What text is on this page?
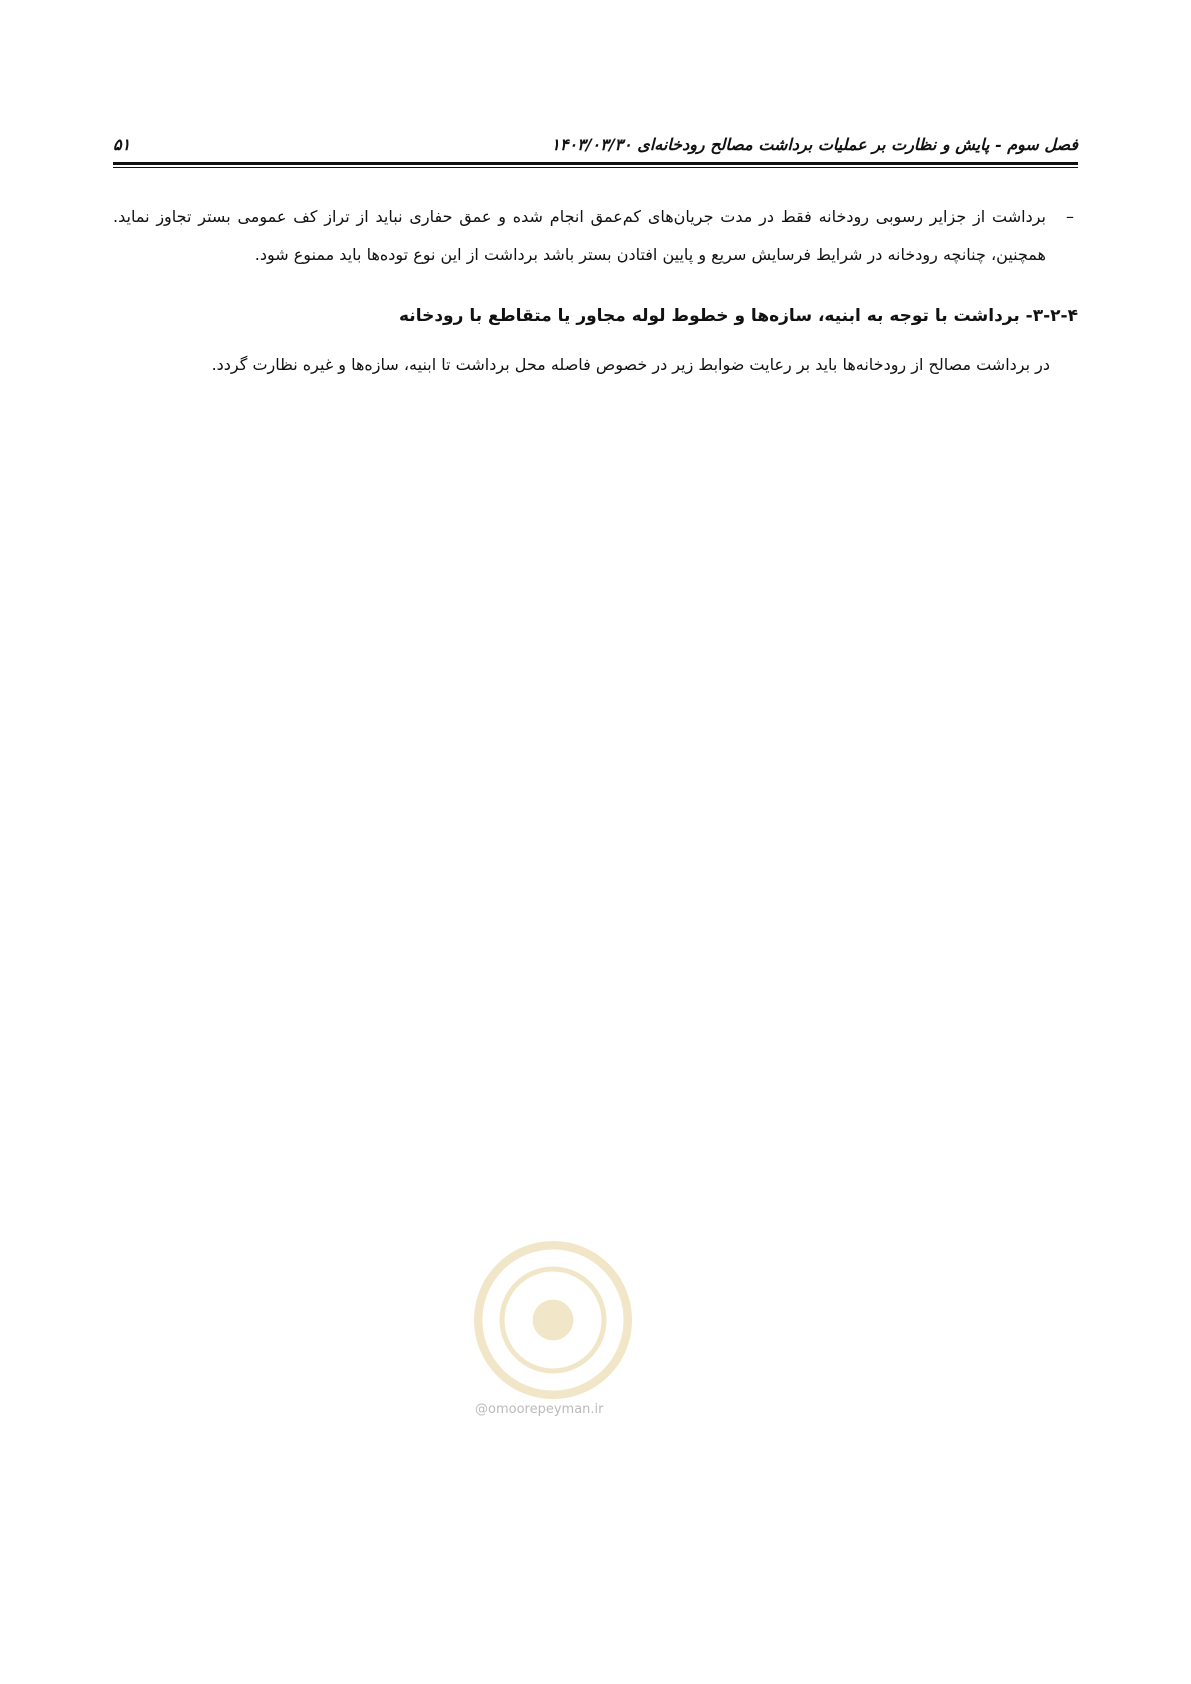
فصل سوم - پایش و نظارت بر عملیات برداشت مصالح رودخانه‌ای ۱۴۰۳/۰۳/۳۰
۵۱
–
برداشت از جزایر رسوبی رودخانه فقط در مدت جریان‌های کم‌عمق انجام شده و عمق حفاری نباید از تراز کف عمومی بستر تجاوز نماید. همچنین، چنانچه رودخانه در شرایط فرسایش سریع و پایین افتادن بستر باشد برداشت از این نوع توده‌ها باید ممنوع شود.
۳-۲-۴- برداشت با توجه به ابنیه، سازه‌ها و خطوط لوله مجاور یا متقاطع با رودخانه

در برداشت مصالح از رودخانه‌ها باید بر رعایت ضوابط زیر در خصوص فاصله محل برداشت تا ابنیه، سازه‌ها و غیره نظارت گردد.

@omoorepeyman.ir
